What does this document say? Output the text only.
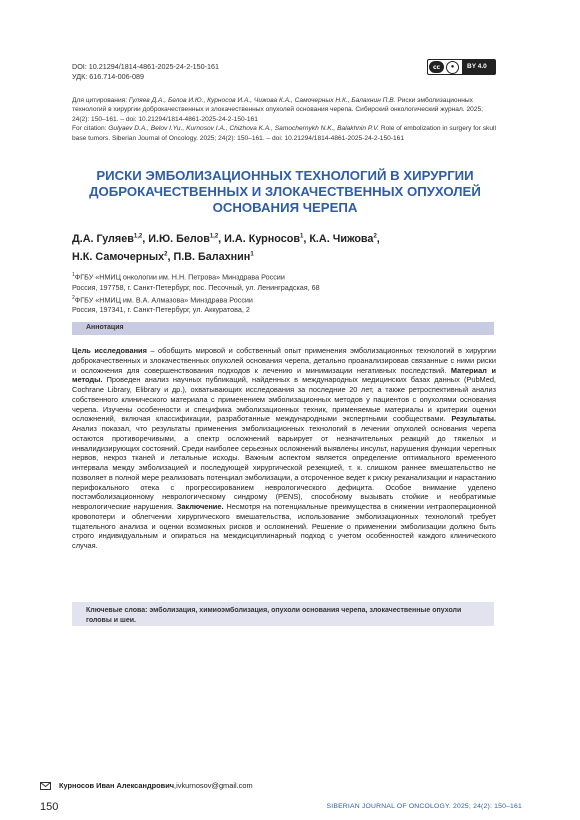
DOI: 10.21294/1814-4861-2025-24-2-150-161
УДК: 616.714-006-089
cc	●	BY 4.0
Для цитирования: Гуляев Д.А., Белов И.Ю., Курносов И.А., Чижова К.А., Самочерных Н.К., Балахнин П.В. Риски эмболизационных технологий в хирургии доброкачественных и злокачественных опухолей основания черепа. Сибирский онкологический журнал. 2025; 24(2): 150–161. – doi: 10.21294/1814-4861-2025-24-2-150-161
For citation: Gulyaev D.A., Belov I.Yu., Kurnosov I.A., Chizhova K.A., Samochernykh N.K., Balakhnin P.V. Role of embolization in surgery for skull base tumors. Siberian Journal of Oncology. 2025; 24(2): 150–161. – doi: 10.21294/1814-4861-2025-24-2-150-161
РИСКИ ЭМБОЛИЗАЦИОННЫХ ТЕХНОЛОГИЙ В ХИРУРГИИ ДОБРОКАЧЕСТВЕННЫХ И ЗЛОКАЧЕСТВЕННЫХ ОПУХОЛЕЙ ОСНОВАНИЯ ЧЕРЕПА
Д.А. Гуляев$^{1,2}$, И.Ю. Белов$^{1,2}$, И.А. Курносов$^1$, К.А. Чижова$^2$,
Н.К. Самочерных$^2$, П.В. Балахнин$^1$
$^1$ФГБУ «НМИЦ онкологии им. Н.Н. Петрова» Минздрава России
Россия, 197758, г. Санкт-Петербург, пос. Песочный, ул. Ленинградская, 68
$^2$ФГБУ «НМИЦ им. В.А. Алмазова» Минздрава России
Россия, 197341, г. Санкт-Петербург, ул. Аккуратова, 2
Аннотация
Цель исследования – обобщить мировой и собственный опыт применения эмболизационных технологий в хирургии доброкачественных и злокачественных опухолей основания черепа, детально проанализировав связанные с ними риски и осложнения для совершенствования подходов к лечению и минимизации негативных последствий. Материал и методы. Проведен анализ научных публикаций, найденных в международных медицинских базах данных (PubMed, Cochrane Library, Elibrary и др.), охватывающих исследования за последние 20 лет, а также ретроспективный анализ собственного клинического материала с применением эмболизационных методов у пациентов с опухолями основания черепа. Изучены особенности и специфика эмболизационных техник, применяемые материалы и критерии оценки осложнений, включая классификации, разработанные международными экспертными сообществами. Результаты. Анализ показал, что результаты применения эмболизационных технологий в лечении опухолей основания черепа остаются противоречивыми, а спектр осложнений варьирует от незначительных реакций до тяжелых и инвалидизирующих состояний. Среди наиболее серьезных осложнений выявлены инсульт, нарушения функции черепных нервов, некроз тканей и летальные исходы. Важным аспектом является определение оптимального временного интервала между эмболизацией и последующей хирургической резекцией, т. к. слишком раннее вмешательство не позволяет в полной мере реализовать потенциал эмболизации, а отсроченное ведет к риску реканализации и нарастанию перифокального отека с прогрессированием неврологического дефицита. Особое внимание уделено постэмболизационному неврологическому синдрому (PENS), способному вызывать стойкие и необратимые неврологические нарушения. Заключение. Несмотря на потенциальные преимущества в снижении интраоперационной кровопотери и облегчении хирургического вмешательства, использование эмболизационных технологий требует тщательного анализа и оценки возможных рисков и осложнений. Решение о применении эмболизации должно быть строго индивидуальным и опираться на междисциплинарный подход с учетом особенностей каждого клинического случая.
Ключевые слова: эмболизация, химиоэмболизация, опухоли основания черепа, злокачественные опухоли головы и шеи.
Курносов Иван Александрович , ivkurnosov@gmail.com
150	SIBERIAN JOURNAL OF ONCOLOGY. 2025; 24(2): 150–161
